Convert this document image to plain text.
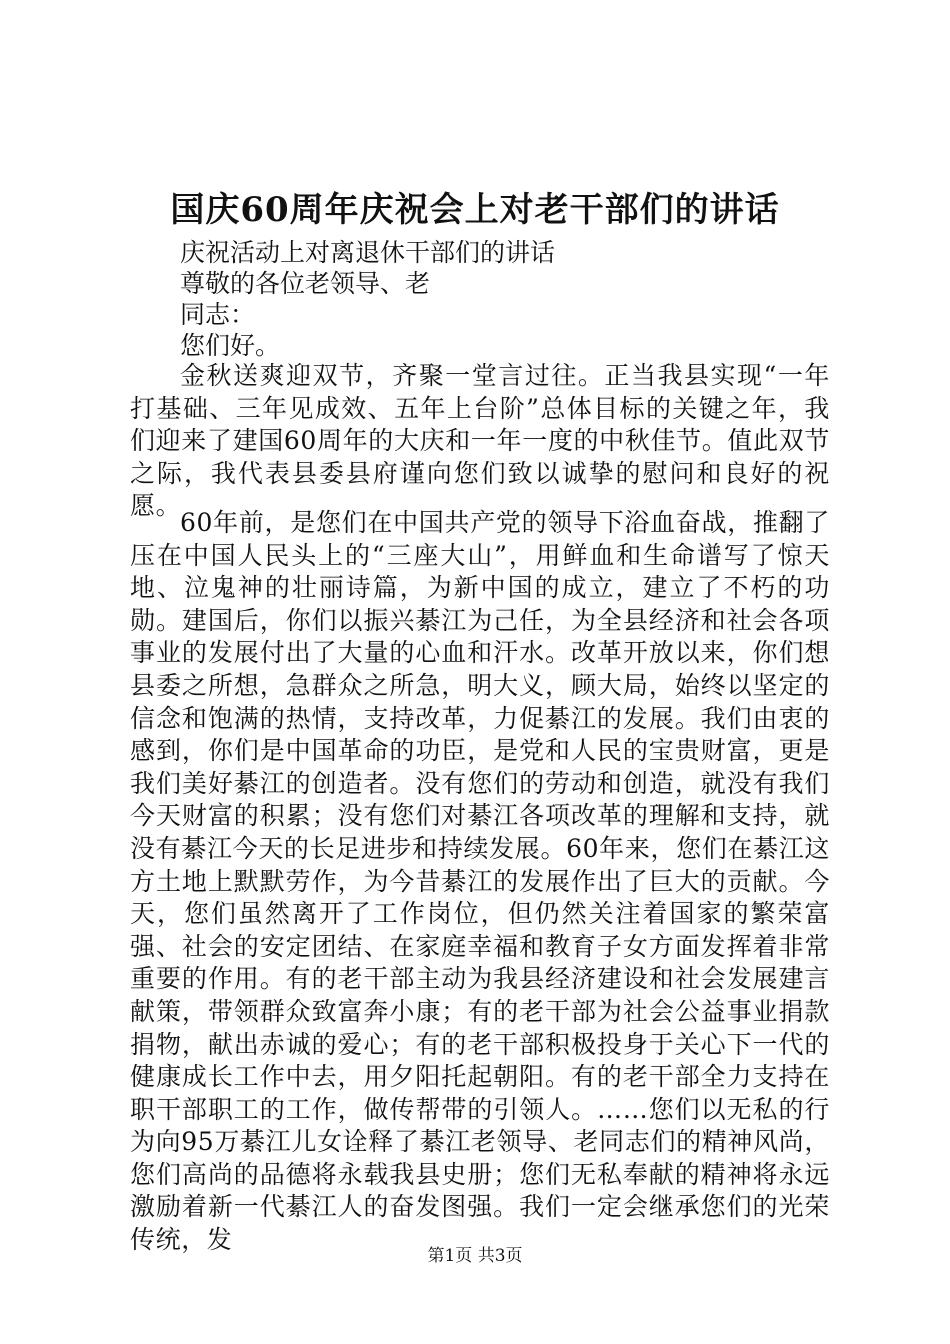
国庆60周年庆祝会上对老干部们的讲话
庆祝活动上对离退休干部们的讲话
尊敬的各位老领导、老
同志：
您们好。
金秋送爽迎双节，齐聚一堂言过往。正当我县实现“一年打基础、三年见成效、五年上台阶”总体目标的关键之年，我们迎来了建国60周年的大庆和一年一度的中秋佳节。值此双节之际，我代表县委县府谨向您们致以诚挚的慰问和良好的祝愿。
60年前，是您们在中国共产党的领导下浴血奋战，推翻了压在中国人民头上的“三座大山”，用鲜血和生命谱写了惊天地、泣鬼神的壮丽诗篇，为新中国的成立，建立了不朽的功勋。建国后，你们以振兴綦江为己任，为全县经济和社会各项事业的发展付出了大量的心血和汗水。改革开放以来，你们想县委之所想，急群众之所急，明大义，顾大局，始终以坚定的信念和饱满的热情，支持改革，力促綦江的发展。我们由衷的感到，你们是中国革命的功臣，是党和人民的宝贵财富，更是我们美好綦江的创造者。没有您们的劳动和创造，就没有我们今天财富的积累；没有您们对綦江各项改革的理解和支持，就没有綦江今天的长足进步和持续发展。60年来，您们在綦江这方土地上默默劳作，为今昔綦江的发展作出了巨大的贡献。今天，您们虽然离开了工作岗位，但仍然关注着国家的繁荣富强、社会的安定团结、在家庭幸福和教育子女方面发挥着非常重要的作用。有的老干部主动为我县经济建设和社会发展建言献策，带领群众致富奔小康；有的老干部为社会公益事业捐款捐物，献出赤诚的爱心；有的老干部积极投身于关心下一代的健康成长工作中去，用夕阳托起朝阳。有的老干部全力支持在职干部职工的工作，做传帮带的引领人。……您们以无私的行为向95万綦江儿女诠释了綦江老领导、老同志们的精神风尚，您们高尚的品德将永载我县史册；您们无私奉献的精神将永远激励着新一代綦江人的奋发图强。我们一定会继承您们的光荣传统，发
第1页 共3页
